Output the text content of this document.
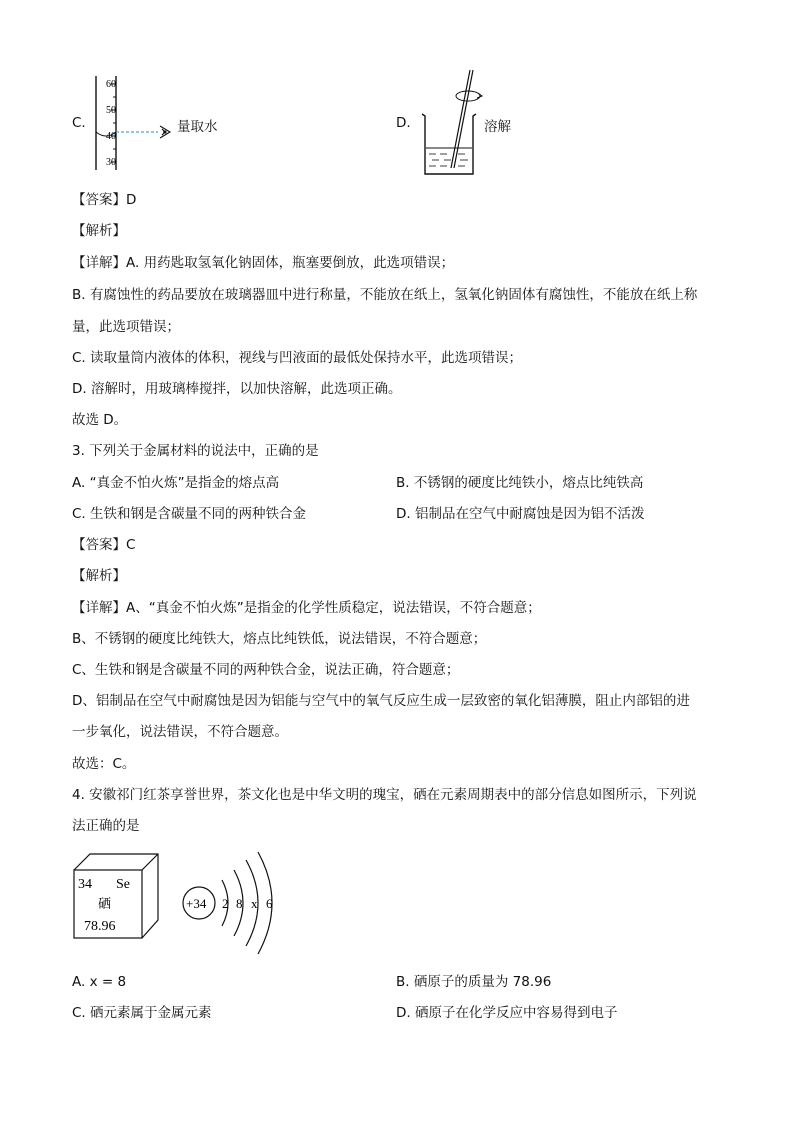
C.
60
50
40
30
量取水	D.	溶解
【答案】D
【解析】
【详解】A. 用药匙取氢氧化钠固体，瓶塞要倒放，此选项错误；
B. 有腐蚀性的药品要放在玻璃器皿中进行称量，不能放在纸上，氢氧化钠固体有腐蚀性，不能放在纸上称
量，此选项错误；
C. 读取量筒内液体的体积，视线与凹液面的最低处保持水平，此选项错误；
D. 溶解时，用玻璃棒搅拌，以加快溶解，此选项正确。
故选 D。
3. 下列关于金属材料的说法中，正确的是
A. “真金不怕火炼”是指金的熔点高	B. 不锈钢的硬度比纯铁小，熔点比纯铁高
C. 生铁和钢是含碳量不同的两种铁合金	D. 铝制品在空气中耐腐蚀是因为铝不活泼
【答案】C
【解析】
【详解】A、“真金不怕火炼”是指金的化学性质稳定，说法错误，不符合题意；
B、不锈钢的硬度比纯铁大，熔点比纯铁低，说法错误，不符合题意；
C、生铁和钢是含碳量不同的两种铁合金，说法正确，符合题意；
D、铝制品在空气中耐腐蚀是因为铝能与空气中的氧气反应生成一层致密的氧化铝薄膜，阻止内部铝的进
一步氧化，说法错误，不符合题意。
故选：C。
4. 安徽祁门红茶享誉世界，茶文化也是中华文明的瑰宝，硒在元素周期表中的部分信息如图所示，下列说
法正确的是
34 Se
硒
78.96
+34 2 8 x 6
A. x = 8	B. 硒原子的质量为 78.96
C. 硒元素属于金属元素	D. 硒原子在化学反应中容易得到电子
